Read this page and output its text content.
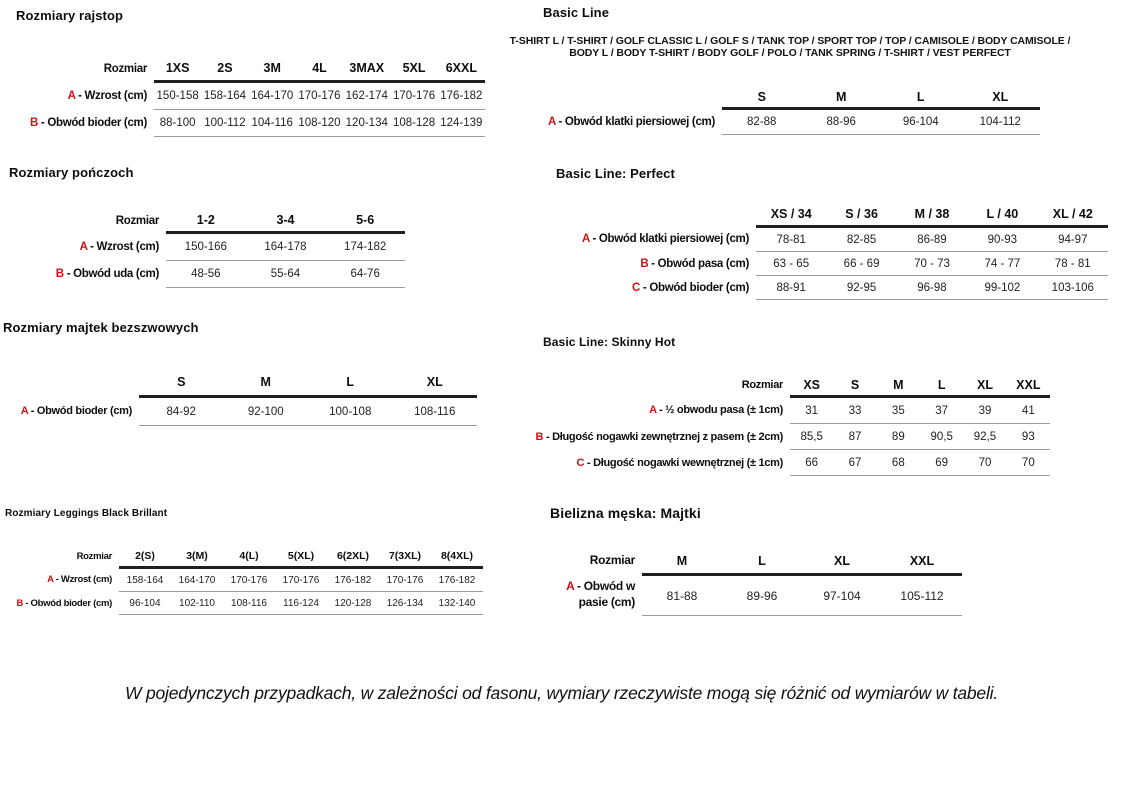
Rozmiary rajstop
Rozmiar	1XS	2S	3M	4L	3MAX	5XL	6XXL
A - Wzrost (cm)	150-158	158-164	164-170	170-176	162-174	170-176	176-182
B - Obwód bioder (cm)	88-100	100-112	104-116	108-120	120-134	108-128	124-139
Rozmiary pończoch
Rozmiar	1-2	3-4	5-6
A - Wzrost (cm)	150-166	164-178	174-182
B - Obwód uda (cm)	48-56	55-64	64-76
Rozmiary majtek bezszwowych
	S	M	L	XL
A - Obwód bioder (cm)	84-92	92-100	100-108	108-116
Rozmiary Leggings Black Brillant
Rozmiar	2(S)	3(M)	4(L)	5(XL)	6(2XL)	7(3XL)	8(4XL)
A - Wzrost (cm)	158-164	164-170	170-176	170-176	176-182	170-176	176-182
B - Obwód bioder (cm)	96-104	102-110	108-116	116-124	120-128	126-134	132-140
Basic Line
T-SHIRT L / T-SHIRT / GOLF CLASSIC L / GOLF S / TANK TOP / SPORT TOP / TOP / CAMISOLE / BODY CAMISOLE / BODY L / BODY T-SHIRT / BODY GOLF / POLO / TANK SPRING / T-SHIRT / VEST PERFECT
	S	M	L	XL
A - Obwód klatki piersiowej (cm)	82-88	88-96	96-104	104-112
Basic Line: Perfect
	XS / 34	S / 36	M / 38	L / 40	XL / 42
A - Obwód klatki piersiowej (cm)	78-81	82-85	86-89	90-93	94-97
B - Obwód pasa (cm)	63 - 65	66 - 69	70 - 73	74 - 77	78 - 81
C - Obwód bioder (cm)	88-91	92-95	96-98	99-102	103-106
Basic Line: Skinny Hot
Rozmiar	XS	S	M	L	XL	XXL
A - ½ obwodu pasa (± 1cm)	31	33	35	37	39	41
B - Długość nogawki zewnętrznej z pasem (± 2cm)	85,5	87	89	90,5	92,5	93
C - Długość nogawki wewnętrznej (± 1cm)	66	67	68	69	70	70
Bielizna męska: Majtki
Rozmiar	M	L	XL	XXL
A - Obwód w pasie (cm)	81-88	89-96	97-104	105-112

W pojedynczych przypadkach, w zależności od fasonu, wymiary rzeczywiste mogą się różnić od wymiarów w tabeli.
